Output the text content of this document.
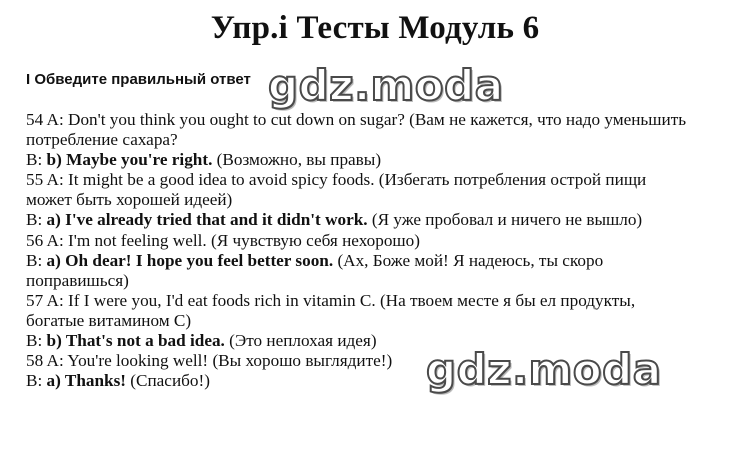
Упр.i Тесты Модуль 6
I Обведите правильный ответ
54 A: Don't you think you ought to cut down on sugar? (Вам не кажется, что надо уменьшить
потребление сахара?
B: b) Maybe you're right. (Возможно, вы правы)
55 A: It might be a good idea to avoid spicy foods. (Избегать потребления острой пищи
может быть хорошей идеей)
B: a) I've already tried that and it didn't work. (Я уже пробовал и ничего не вышло)
56 A: I'm not feeling well. (Я чувствую себя нехорошо)
B: a) Oh dear! I hope you feel better soon. (Ах, Боже мой! Я надеюсь, ты скоро
поправишься)
57 A: If I were you, I'd eat foods rich in vitamin C. (На твоем месте я бы ел продукты,
богатые витамином С)
B: b) That's not a bad idea. (Это неплохая идея)
58 A: You're looking well! (Вы хорошо выглядите!)
B: a) Thanks! (Спасибо!)
gdz.moda
gdz.moda
